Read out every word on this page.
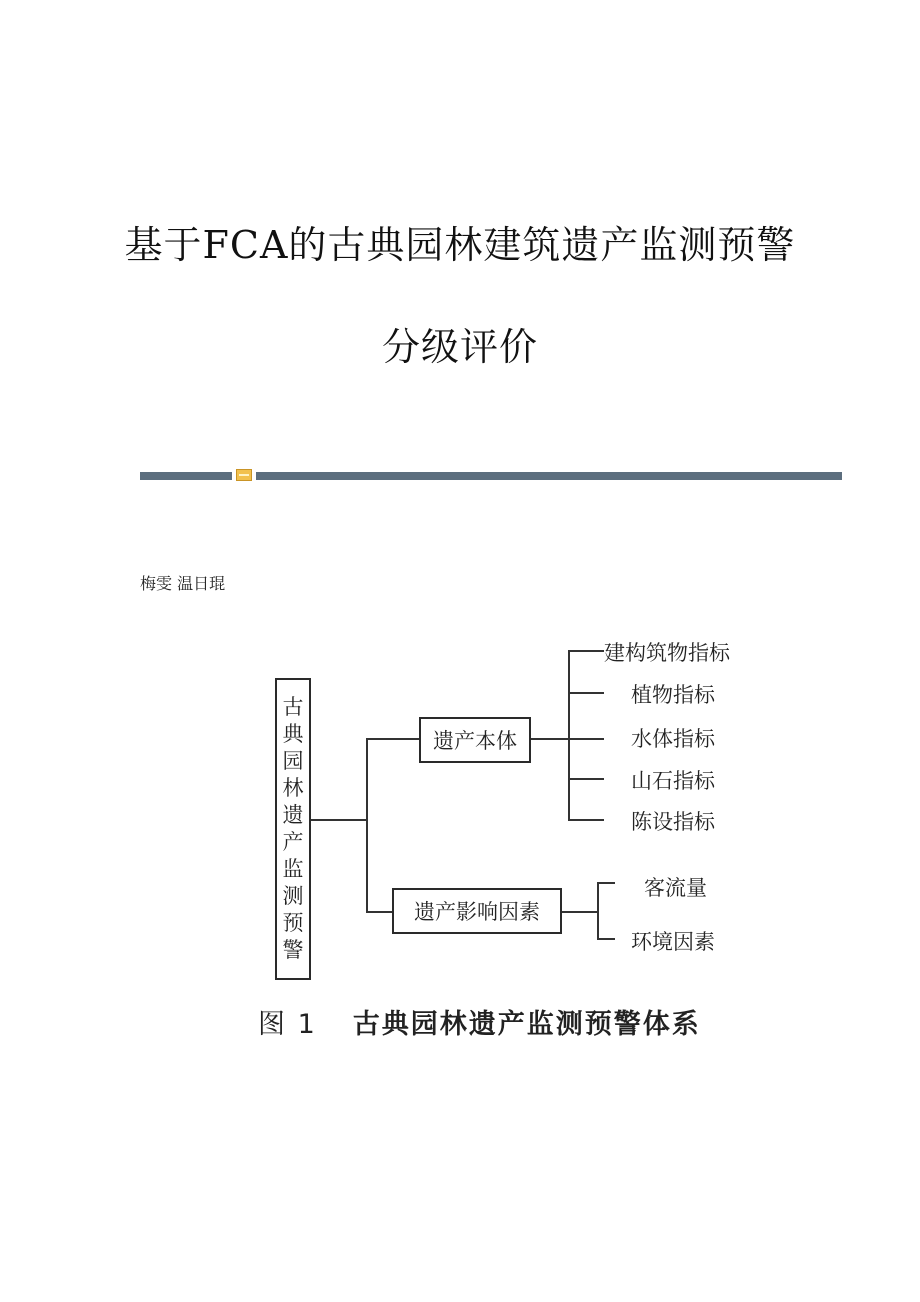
基于FCA的古典园林建筑遗产监测预警
分级评价
梅雯 温日琨
古
典
园
林
遗
产
监
测
预
警
遗产本体
遗产影响因素
建构筑物指标
植物指标
水体指标
山石指标
陈设指标
客流量
环境因素
图 1 古典园林遗产监测预警体系
